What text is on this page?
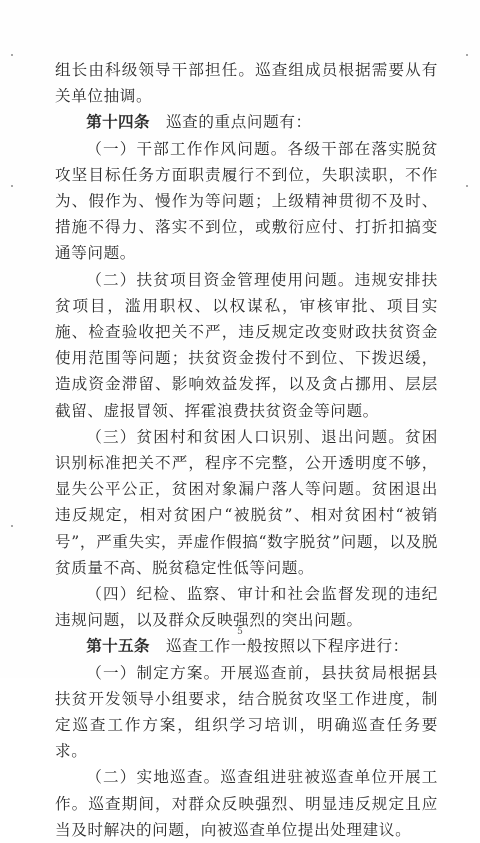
组长由科级领导干部担任。巡查组成员根据需要从有关单位抽调。

第十四条　巡查的重点问题有：

（一）干部工作作风问题。各级干部在落实脱贫攻坚目标任务方面职责履行不到位，失职渎职，不作为、假作为、慢作为等问题；上级精神贯彻不及时、措施不得力、落实不到位，或敷衍应付、打折扣搞变通等问题。

（二）扶贫项目资金管理使用问题。违规安排扶贫项目，滥用职权、以权谋私，审核审批、项目实施、检查验收把关不严，违反规定改变财政扶贫资金使用范围等问题；扶贫资金拨付不到位、下拨迟缓，造成资金滞留、影响效益发挥，以及贪占挪用、层层截留、虚报冒领、挥霍浪费扶贫资金等问题。

（三）贫困村和贫困人口识别、退出问题。贫困识别标准把关不严，程序不完整，公开透明度不够，显失公平公正，贫困对象漏户落人等问题。贫困退出违反规定，相对贫困户“被脱贫”、相对贫困村“被销号”，严重失实，弄虚作假搞“数字脱贫”问题，以及脱贫质量不高、脱贫稳定性低等问题。

（四）纪检、监察、审计和社会监督发现的违纪违规问题，以及群众反映强烈的突出问题。

第十五条　巡查工作一般按照以下程序进行：

（一）制定方案。开展巡查前，县扶贫局根据县扶贫开发领导小组要求，结合脱贫攻坚工作进度，制定巡查工作方案，组织学习培训，明确巡查任务要求。

（二）实地巡查。巡查组进驻被巡查单位开展工作。巡查期间，对群众反映强烈、明显违反规定且应当及时解决的问题，向被巡查单位提出处理建议。

5
